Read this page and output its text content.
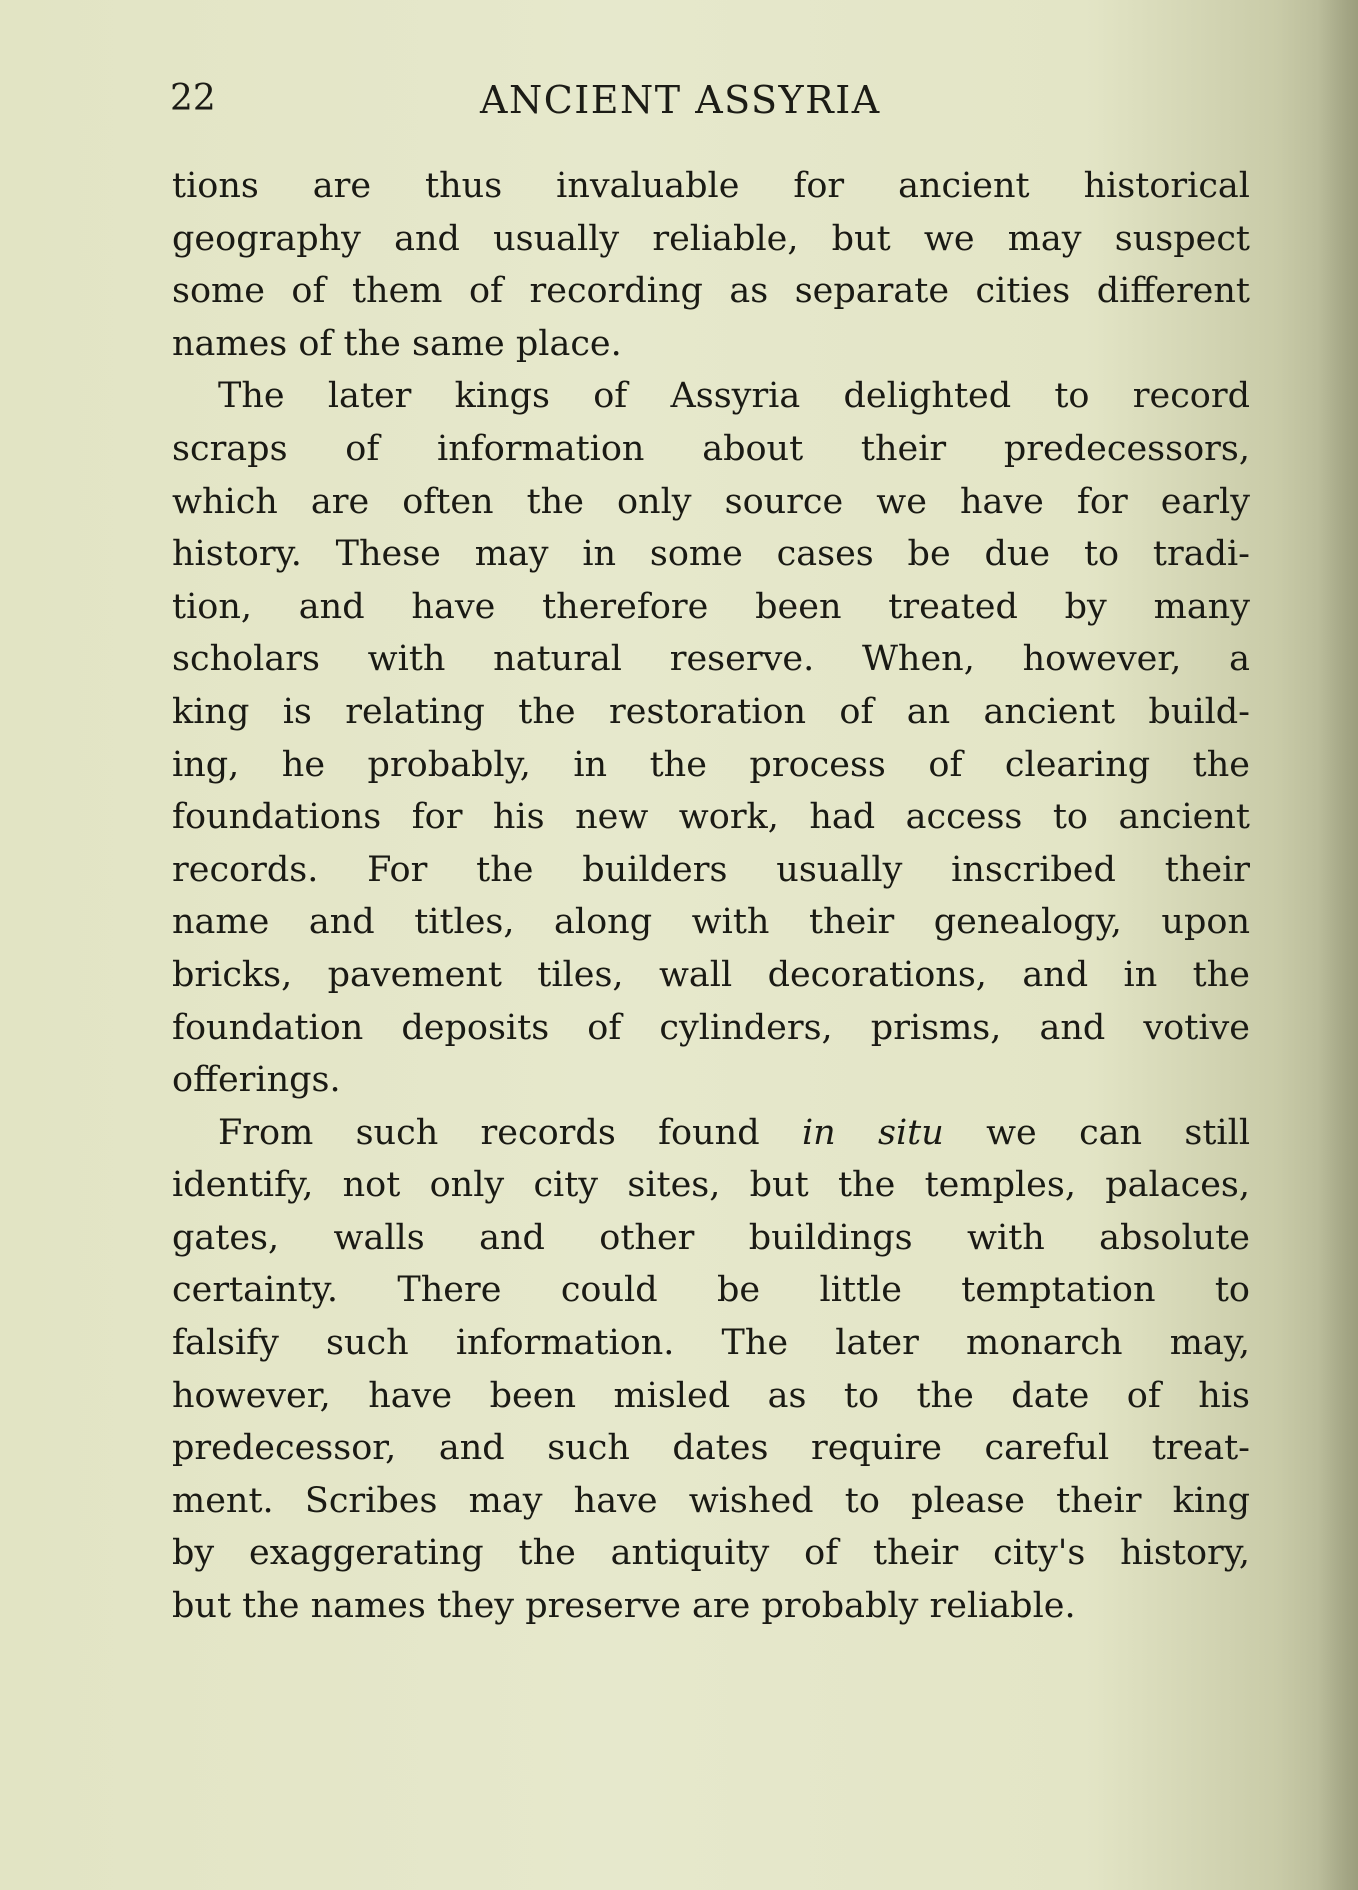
22	ANCIENT ASSYRIA
tions are thus invaluable for ancient historical
geography and usually reliable, but we may suspect
some of them of recording as separate cities different
names of the same place.
The later kings of Assyria delighted to record
scraps of information about their predecessors,
which are often the only source we have for early
history. These may in some cases be due to tradi-
tion, and have therefore been treated by many
scholars with natural reserve. When, however, a
king is relating the restoration of an ancient build-
ing, he probably, in the process of clearing the
foundations for his new work, had access to ancient
records. For the builders usually inscribed their
name and titles, along with their genealogy, upon
bricks, pavement tiles, wall decorations, and in the
foundation deposits of cylinders, prisms, and votive
offerings.
From such records found in situ we can still
identify, not only city sites, but the temples, palaces,
gates, walls and other buildings with absolute
certainty. There could be little temptation to
falsify such information. The later monarch may,
however, have been misled as to the date of his
predecessor, and such dates require careful treat-
ment. Scribes may have wished to please their king
by exaggerating the antiquity of their city's history,
but the names they preserve are probably reliable.
